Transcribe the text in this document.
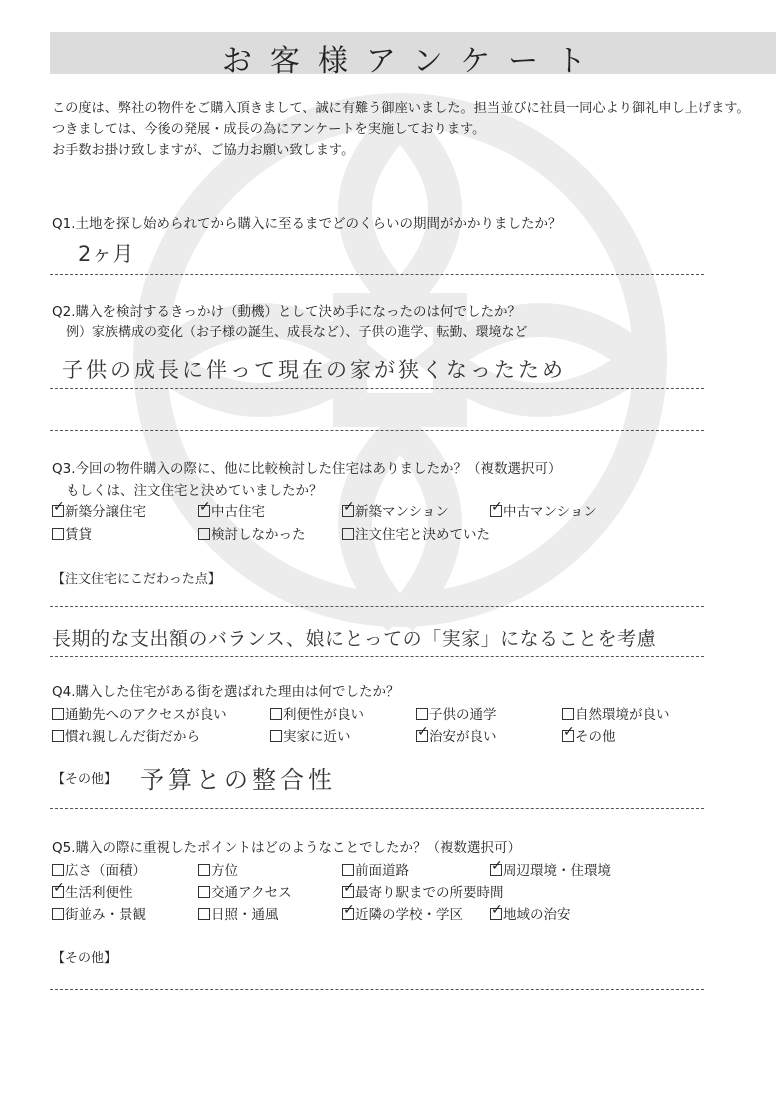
お客様アンケート
この度は、弊社の物件をご購入頂きまして、誠に有難う御座いました。担当並びに社員一同心より御礼申し上げます。
つきましては、今後の発展・成長の為にアンケートを実施しております。
お手数お掛け致しますが、ご協力お願い致します。
Q1.土地を探し始められてから購入に至るまでどのくらいの期間がかかりましたか？
2ヶ月
Q2.購入を検討するきっかけ（動機）として決め手になったのは何でしたか？
例）家族構成の変化（お子様の誕生、成長など）、子供の進学、転勤、環境など
子供の成長に伴って現在の家が狭くなったため
Q3.今回の物件購入の際に、他に比較検討した住宅はありましたか？（複数選択可）
もしくは、注文住宅と決めていましたか？
✓新築分譲住宅 ✓	中古住宅 ✓	新築マンション ✓	中古マンション
賃貸	検討しなかった	注文住宅と決めていた
【注文住宅にこだわった点】
長期的な支出額のバランス、娘にとっての「実家」になることを考慮
Q4.購入した住宅がある街を選ばれた理由は何でしたか？
通勤先へのアクセスが良い	利便性が良い	子供の通学	自然環境が良い
慣れ親しんだ街だから	実家に近い ✓	治安が良い ✓	その他
【その他】 予算との整合性
Q5.購入の際に重視したポイントはどのようなことでしたか？（複数選択可）
広さ（面積）	方位	前面道路 ✓	周辺環境・住環境
✓生活利便性	交通アクセス ✓	最寄り駅までの所要時間
街並み・景観	日照・通風 ✓	近隣の学校・学区 ✓	地域の治安
【その他】
